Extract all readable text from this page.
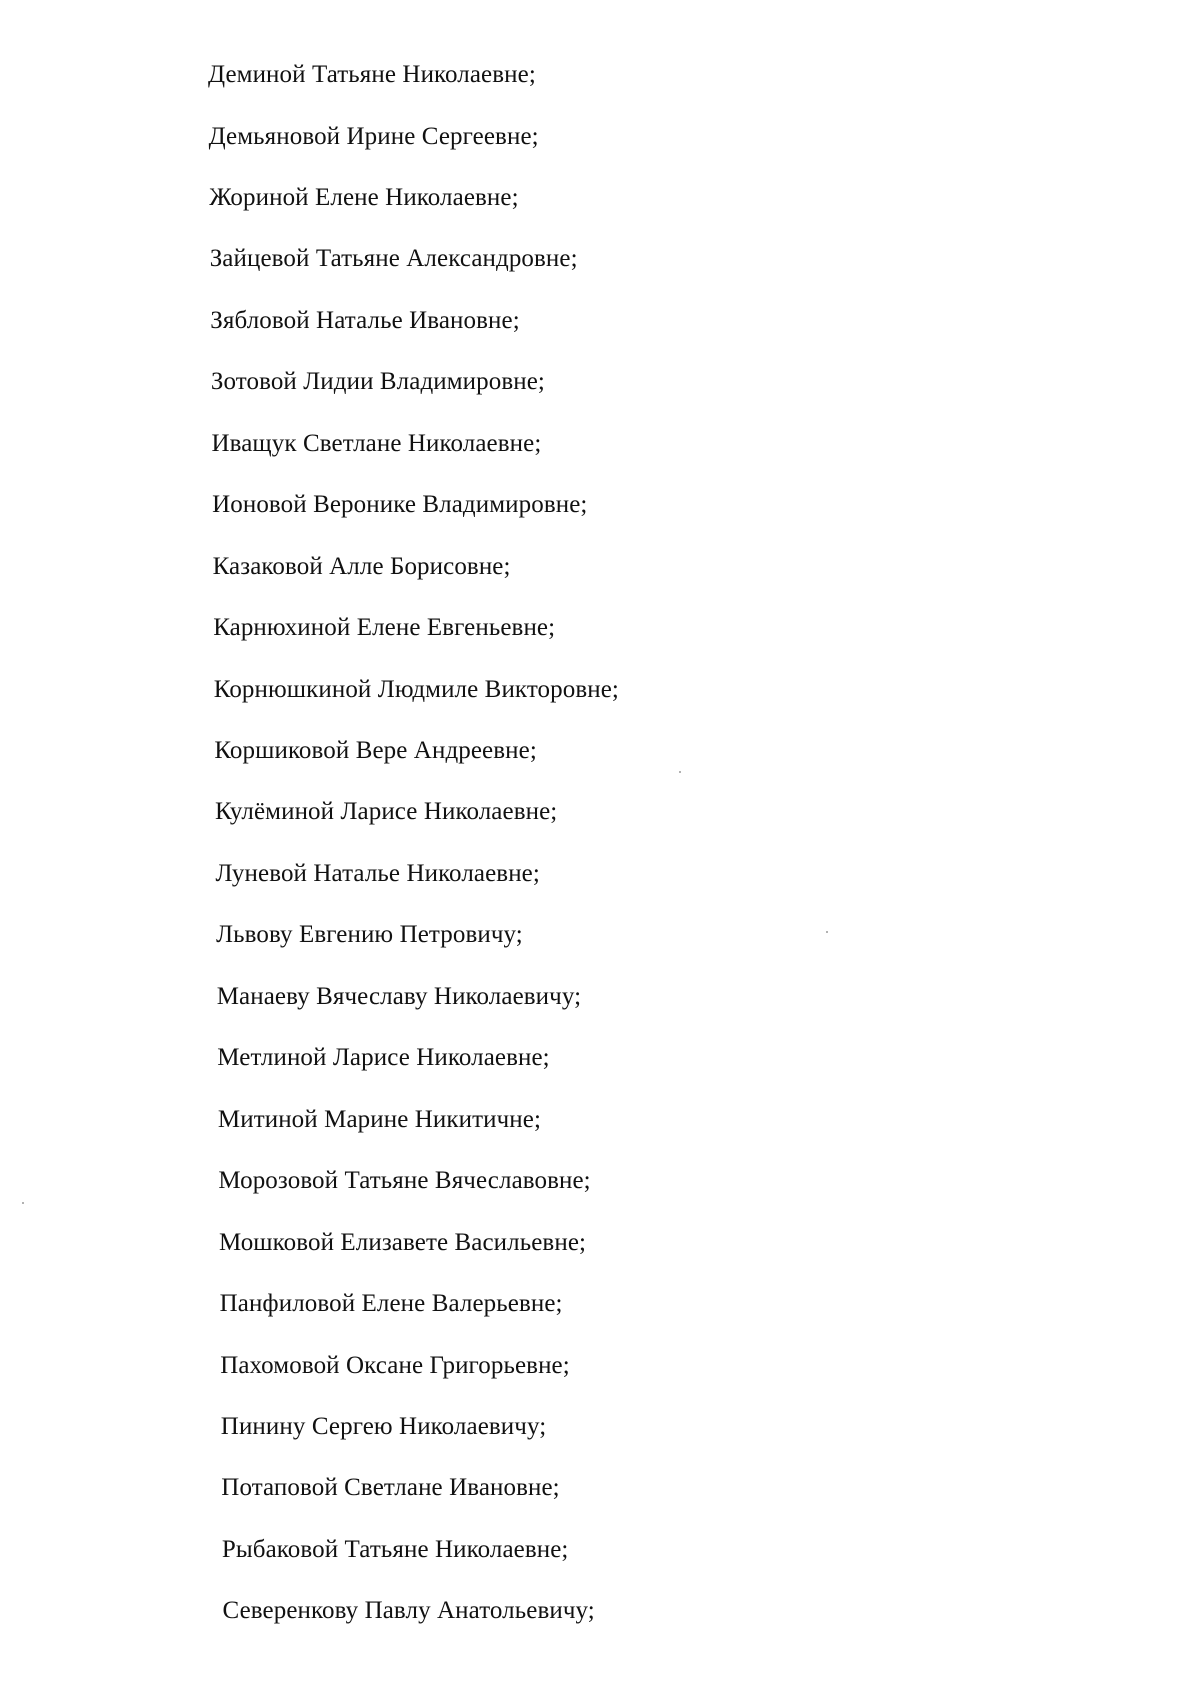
Деминой Татьяне Николаевне;
Демьяновой Ирине Сергеевне;
Жориной Елене Николаевне;
Зайцевой Татьяне Александровне;
Зябловой Наталье Ивановне;
Зотовой Лидии Владимировне;
Иващук Светлане Николаевне;
Ионовой Веронике Владимировне;
Казаковой Алле Борисовне;
Карнюхиной Елене Евгеньевне;
Корнюшкиной Людмиле Викторовне;
Коршиковой Вере Андреевне;
Кулёминой Ларисе Николаевне;
Луневой Наталье Николаевне;
Львову Евгению Петровичу;
Манаеву Вячеславу Николаевичу;
Метлиной Ларисе Николаевне;
Митиной Марине Никитичне;
Морозовой Татьяне Вячеславовне;
Мошковой Елизавете Васильевне;
Панфиловой Елене Валерьевне;
Пахомовой Оксане Григорьевне;
Пинину Сергею Николаевичу;
Потаповой Светлане Ивановне;
Рыбаковой Татьяне Николаевне;
Северенкову Павлу Анатольевичу;
